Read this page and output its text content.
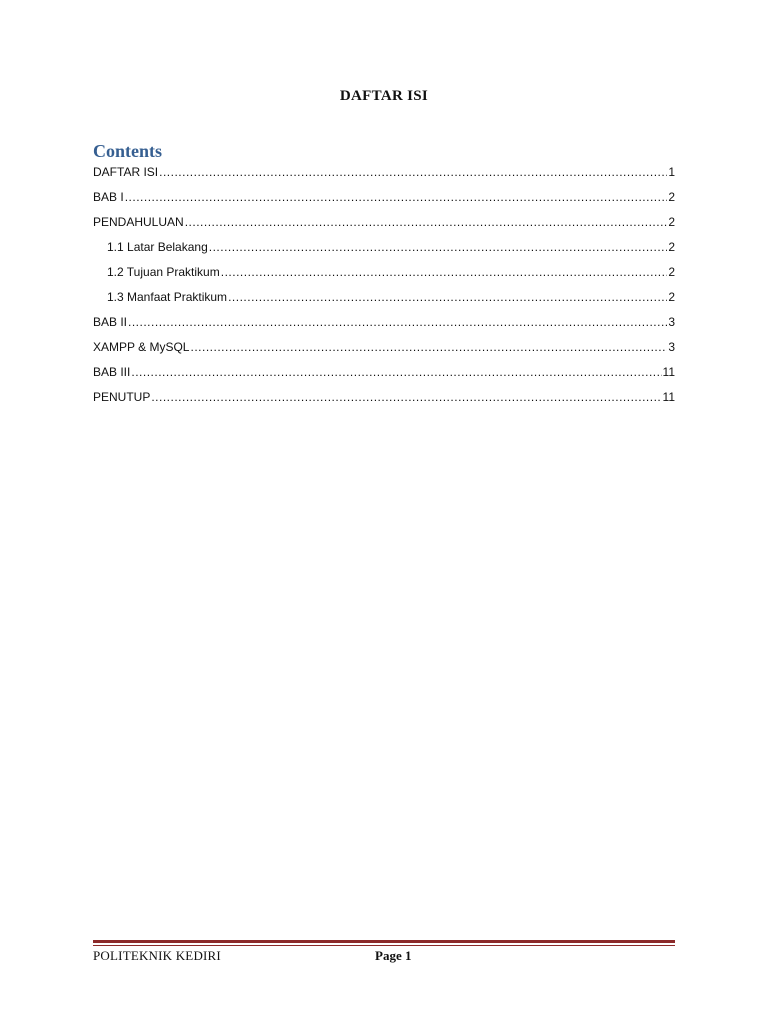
DAFTAR ISI
Contents
DAFTAR ISI .....	1
BAB I .....	2
PENDAHULUAN .....	2
1.1 Latar Belakang .....	2
1.2 Tujuan Praktikum .....	2
1.3 Manfaat Praktikum .....	2
BAB II .....	3
XAMPP & MySQL .....	3
BAB III .....	11
PENUTUP .....	11
POLITEKNIK KEDIRI	Page 1
